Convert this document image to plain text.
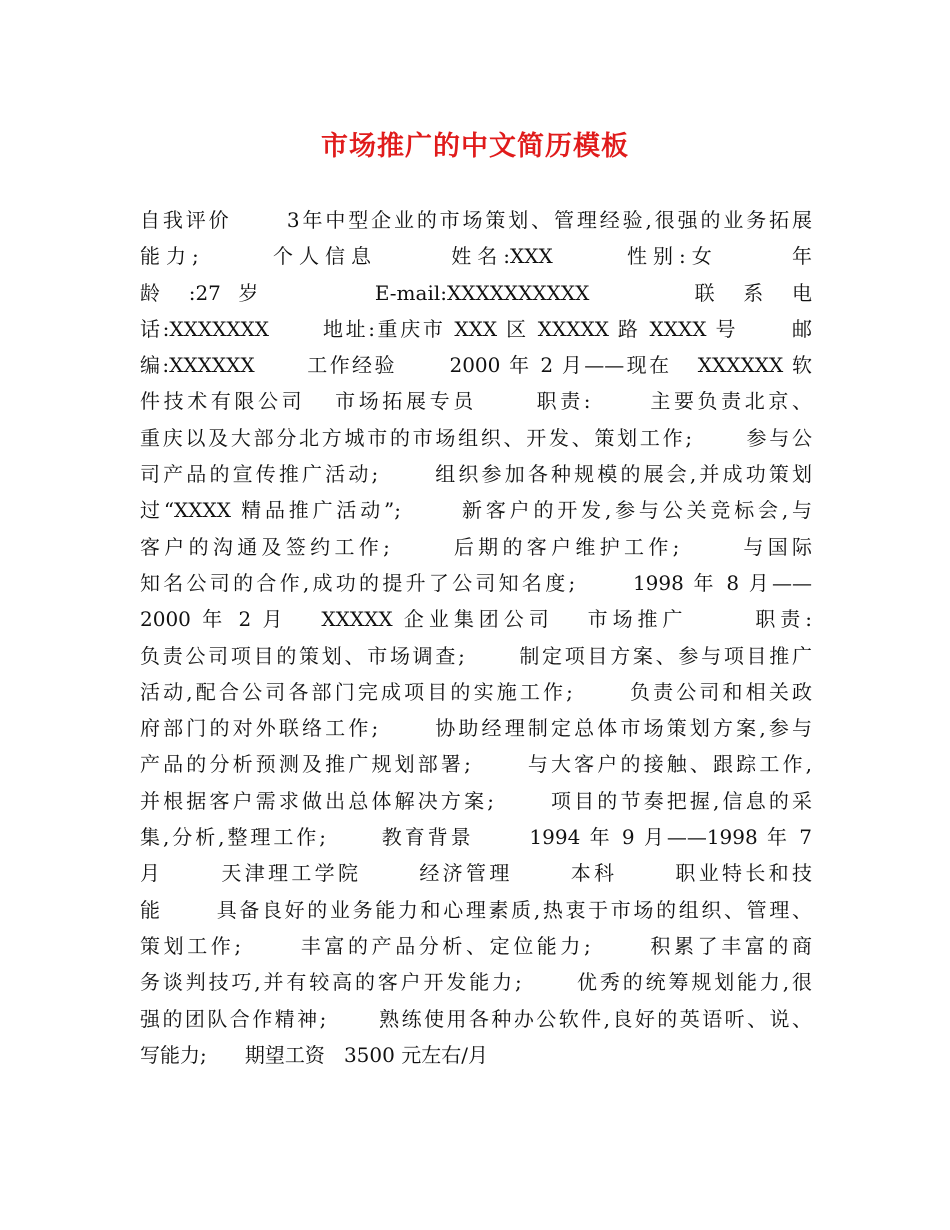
市场推广的中文简历模板
自我评价      3年中型企业的市场策划、管理经验,很强的业务拓展
能力;      个人信息      姓名:XXX      性别:女      年
龄 :27 岁      E-mail:XXXXXXXXXX      联 系 电
话:XXXXXXX      地址:重庆市 XXX 区 XXXXX 路 XXXX 号      邮
编:XXXXXX      工作经验      2000 年 2 月——现在   XXXXXX 软
件技术有限公司   市场拓展专员      职责:      主要负责北京、
重庆以及大部分北方城市的市场组织、开发、策划工作;      参与公
司产品的宣传推广活动;      组织参加各种规模的展会,并成功策划
过“XXXX 精品推广活动”;      新客户的开发,参与公关竞标会,与
客户的沟通及签约工作;      后期的客户维护工作;      与国际
知名公司的合作,成功的提升了公司知名度;      1998 年 8 月——
2000 年 2 月   XXXXX 企业集团公司   市场推广      职责:
负责公司项目的策划、市场调查;      制定项目方案、参与项目推广
活动,配合公司各部门完成项目的实施工作;      负责公司和相关政
府部门的对外联络工作;      协助经理制定总体市场策划方案,参与
产品的分析预测及推广规划部署;      与大客户的接触、跟踪工作,
并根据客户需求做出总体解决方案;      项目的节奏把握,信息的采
集,分析,整理工作;      教育背景      1994 年 9 月——1998 年 7
月      天津理工学院      经济管理      本科      职业特长和技
能      具备良好的业务能力和心理素质,热衷于市场的组织、管理、
策划工作;      丰富的产品分析、定位能力;      积累了丰富的商
务谈判技巧,并有较高的客户开发能力;      优秀的统筹规划能力,很
强的团队合作精神;      熟练使用各种办公软件,良好的英语听、说、
写能力;      期望工资   3500 元左右/月
